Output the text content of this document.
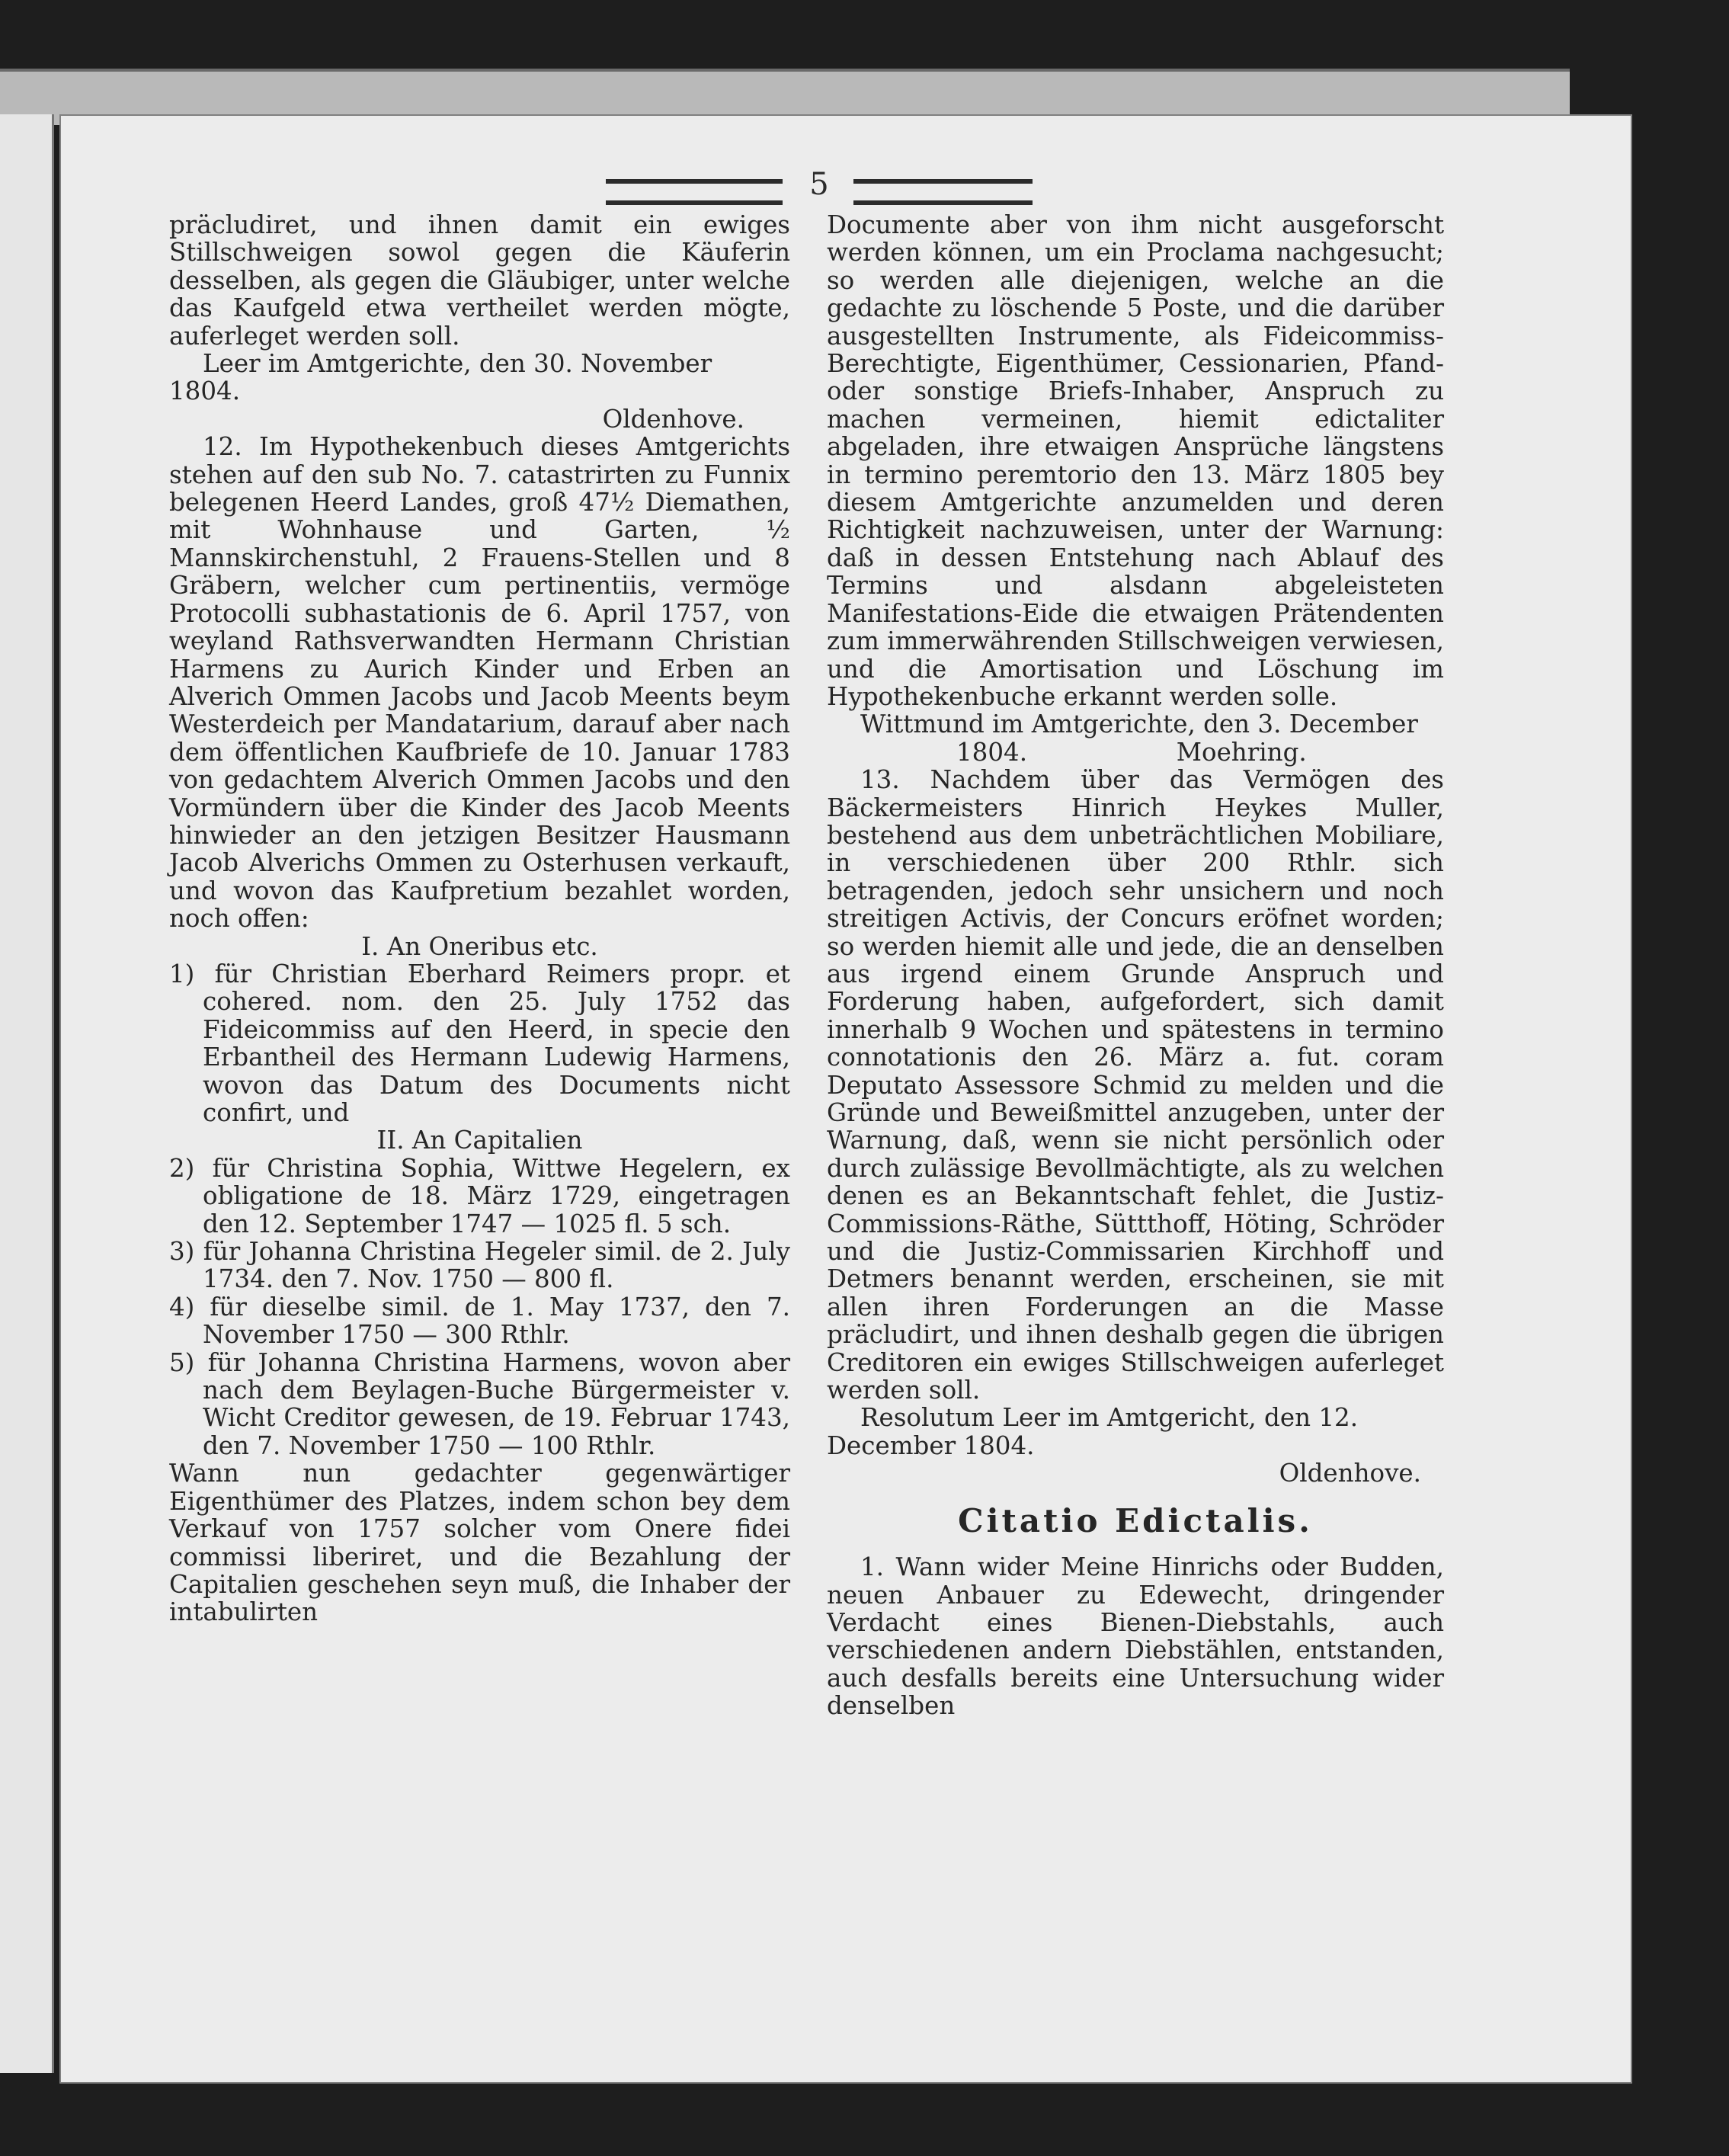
5

präcludiret, und ihnen damit ein ewiges Stillschweigen sowol gegen die Käuferin desselben, als gegen die Gläubiger, unter welche das Kaufgeld etwa vertheilet werden mögte, auferleget werden soll.

Leer im Amtgerichte, den 30. November 1804.

Oldenhove.

12. Im Hypothekenbuch dieses Amtgerichts stehen auf den sub No. 7. catastrirten zu Funnix belegenen Heerd Landes, groß 47½ Diemathen, mit Wohnhause und Garten, ½ Mannskirchenstuhl, 2 Frauens-Stellen und 8 Gräbern, welcher cum pertinentiis, vermöge Protocolli subhastationis de 6. April 1757, von weyland Rathsverwandten Hermann Christian Harmens zu Aurich Kinder und Erben an Alverich Ommen Jacobs und Jacob Meents beym Westerdeich per Mandatarium, darauf aber nach dem öffentlichen Kaufbriefe de 10. Januar 1783 von gedachtem Alverich Ommen Jacobs und den Vormündern über die Kinder des Jacob Meents hinwieder an den jetzigen Besitzer Hausmann Jacob Alverichs Ommen zu Osterhusen verkauft, und wovon das Kaufpretium bezahlet worden, noch offen:

I. An Oneribus etc.

1) für Christian Eberhard Reimers propr. et cohered. nom. den 25. July 1752 das Fideicommiss auf den Heerd, in specie den Erbantheil des Hermann Ludewig Harmens, wovon das Datum des Documents nicht confirt, und

II. An Capitalien

2) für Christina Sophia, Wittwe Hegelern, ex obligatione de 18. März 1729, eingetragen den 12. September 1747 — 1025 fl. 5 sch.

3) für Johanna Christina Hegeler simil. de 2. July 1734. den 7. Nov. 1750 — 800 fl.

4) für dieselbe simil. de 1. May 1737, den 7. November 1750 — 300 Rthlr.

5) für Johanna Christina Harmens, wovon aber nach dem Beylagen-Buche Bürgermeister v. Wicht Creditor gewesen, de 19. Februar 1743, den 7. November 1750 — 100 Rthlr.

Wann nun gedachter gegenwärtiger Eigenthümer des Platzes, indem schon bey dem Verkauf von 1757 solcher vom Onere fidei commissi liberiret, und die Bezahlung der Capitalien geschehen seyn muß, die Inhaber der intabulirten

Documente aber von ihm nicht ausgeforscht werden können, um ein Proclama nachgesucht; so werden alle diejenigen, welche an die gedachte zu löschende 5 Poste, und die darüber ausgestellten Instrumente, als Fideicommiss-Berechtigte, Eigenthümer, Cessionarien, Pfand- oder sonstige Briefs-Inhaber, Anspruch zu machen vermeinen, hiemit edictaliter abgeladen, ihre etwaigen Ansprüche längstens in termino peremtorio den 13. März 1805 bey diesem Amtgerichte anzumelden und deren Richtigkeit nachzuweisen, unter der Warnung: daß in dessen Entstehung nach Ablauf des Termins und alsdann abgeleisteten Manifestations-Eide die etwaigen Prätendenten zum immerwährenden Stillschweigen verwiesen, und die Amortisation und Löschung im Hypothekenbuche erkannt werden solle.

Wittmund im Amtgerichte, den 3. December

1804.	Moehring.

13. Nachdem über das Vermögen des Bäckermeisters Hinrich Heykes Muller, bestehend aus dem unbeträchtlichen Mobiliare, in verschiedenen über 200 Rthlr. sich betragenden, jedoch sehr unsichern und noch streitigen Activis, der Concurs eröfnet worden; so werden hiemit alle und jede, die an denselben aus irgend einem Grunde Anspruch und Forderung haben, aufgefordert, sich damit innerhalb 9 Wochen und spätestens in termino connotationis den 26. März a. fut. coram Deputato Assessore Schmid zu melden und die Gründe und Beweißmittel anzugeben, unter der Warnung, daß, wenn sie nicht persönlich oder durch zulässige Bevollmächtigte, als zu welchen denen es an Bekanntschaft fehlet, die Justiz-Commissions-Räthe, Süttthoff, Höting, Schröder und die Justiz-Commissarien Kirchhoff und Detmers benannt werden, erscheinen, sie mit allen ihren Forderungen an die Masse präcludirt, und ihnen deshalb gegen die übrigen Creditoren ein ewiges Stillschweigen auferleget werden soll.

Resolutum Leer im Amtgericht, den 12. December 1804.

Oldenhove.

Citatio Edictalis.

1. Wann wider Meine Hinrichs oder Budden, neuen Anbauer zu Edewecht, dringender Verdacht eines Bienen-Diebstahls, auch verschiedenen andern Diebstählen, entstanden, auch desfalls bereits eine Untersuchung wider denselben
